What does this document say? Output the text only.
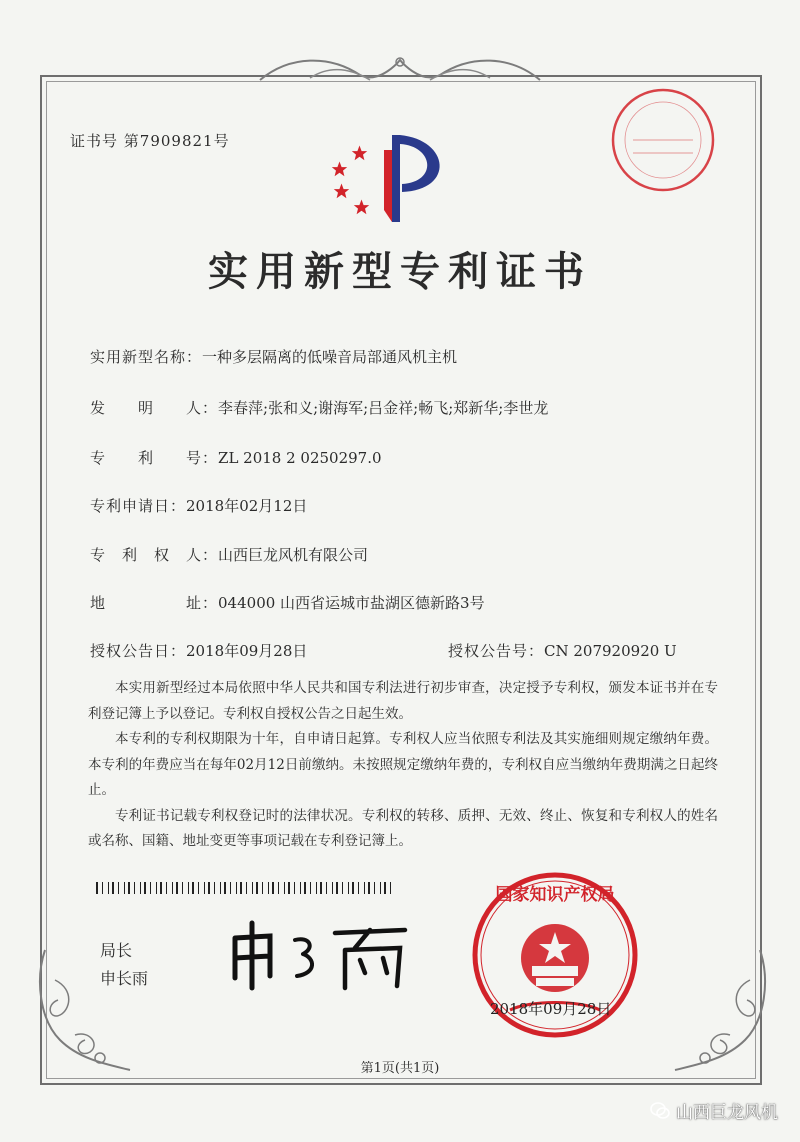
证书号 第7909821号
实用新型专利证书
实用新型名称：一种多层隔离的低噪音局部通风机主机
发　　明　　人：李春萍;张和义;谢海军;吕金祥;畅飞;郑新华;李世龙
专　　利　　号：ZL 2018 2 0250297.0
专利申请日：2018年02月12日
专　利　权　人：山西巨龙风机有限公司
地　　　　　址：044000 山西省运城市盐湖区德新路3号
授权公告日：2018年09月28日	授权公告号：CN 207920920 U

本实用新型经过本局依照中华人民共和国专利法进行初步审查，决定授予专利权，颁发本证书并在专利登记簿上予以登记。专利权自授权公告之日起生效。

本专利的专利权期限为十年，自申请日起算。专利权人应当依照专利法及其实施细则规定缴纳年费。本专利的年费应当在每年02月12日前缴纳。未按照规定缴纳年费的，专利权自应当缴纳年费期满之日起终止。

专利证书记载专利权登记时的法律状况。专利权的转移、质押、无效、终止、恢复和专利权人的姓名或名称、国籍、地址变更等事项记载在专利登记簿上。

局长
申长雨
国家知识产权局
2018年09月28日
第1页(共1页)
山西巨龙风机
